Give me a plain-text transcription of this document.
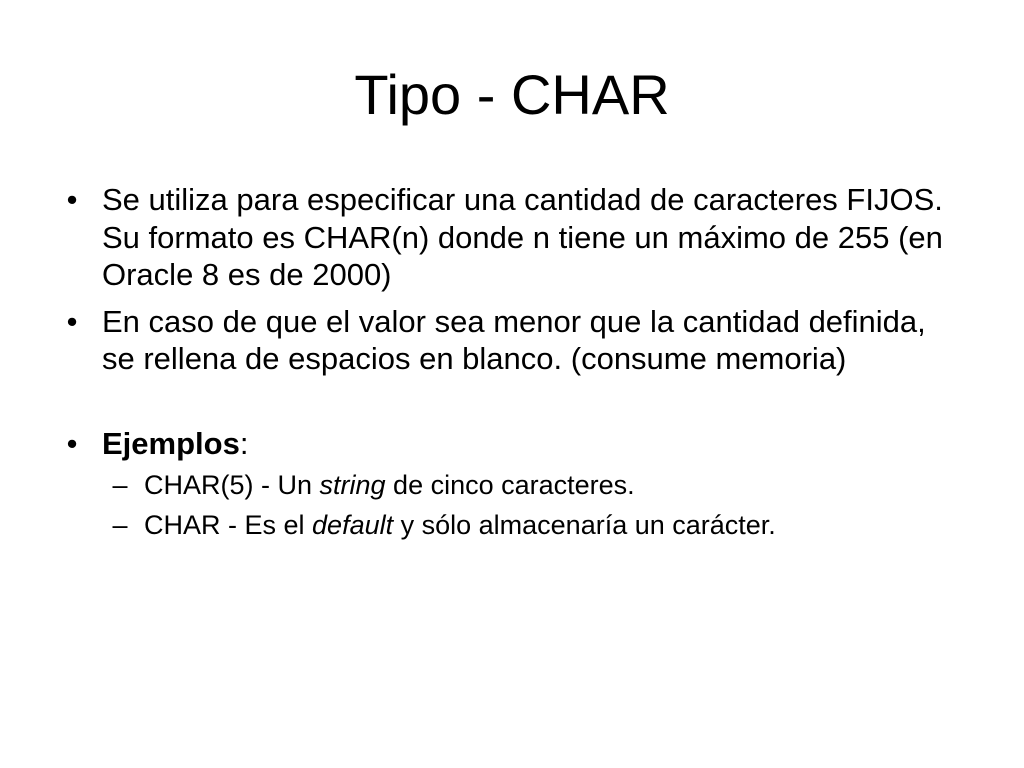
Tipo - CHAR
• Se utiliza para especificar una cantidad de caracteres FIJOS. Su formato es CHAR(n) donde n tiene un máximo de 255 (en Oracle 8 es de 2000)
• En caso de que el valor sea menor que la cantidad definida, se rellena de espacios en blanco. (consume memoria)
• Ejemplos:
– CHAR(5) - Un string de cinco caracteres.
– CHAR - Es el default y sólo almacenaría un carácter.
